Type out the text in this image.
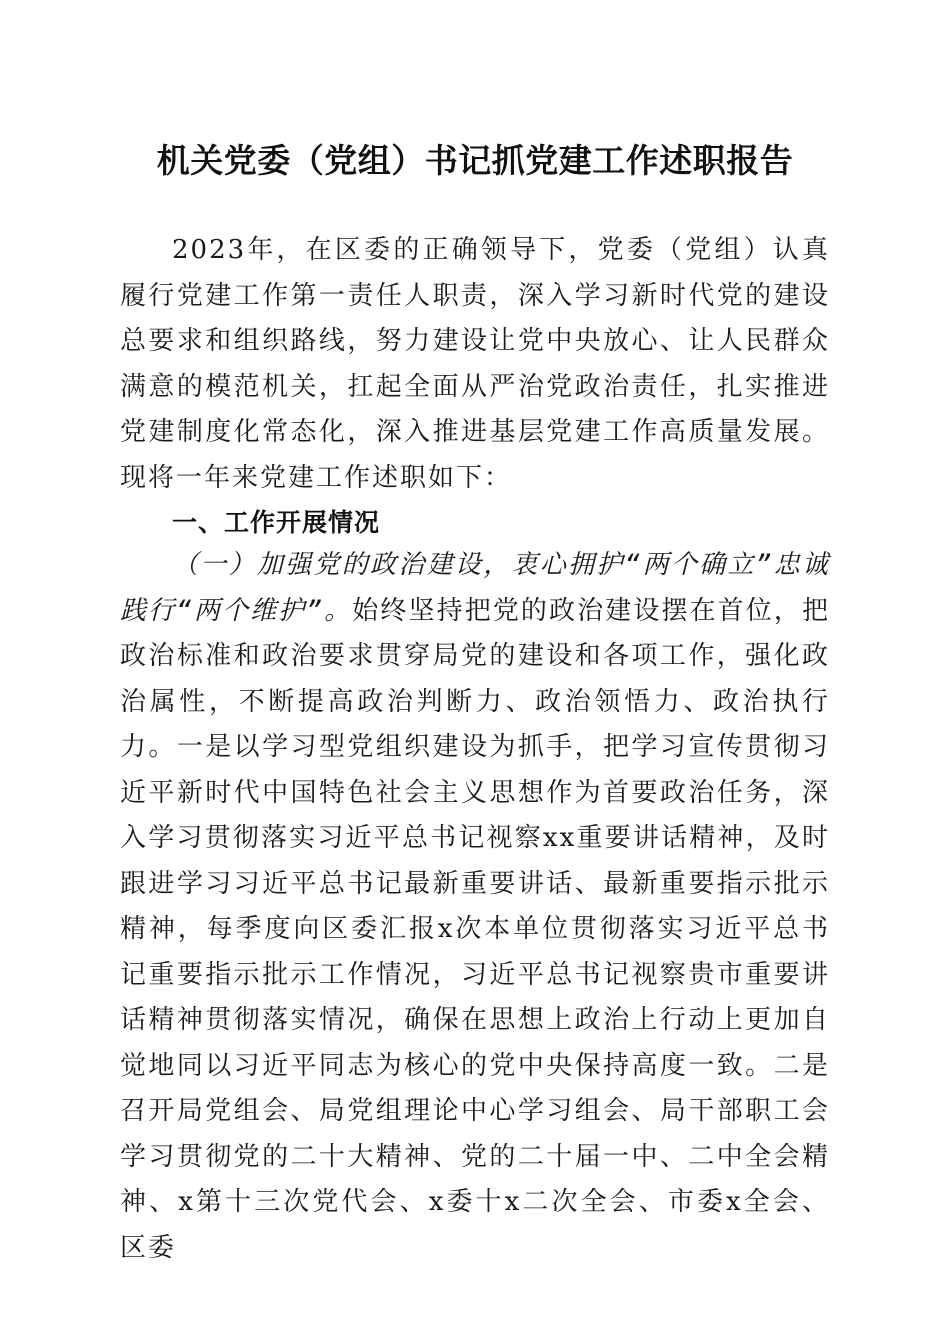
机关党委（党组）书记抓党建工作述职报告

2023年，在区委的正确领导下，党委（党组）认真履行党建工作第一责任人职责，深入学习新时代党的建设总要求和组织路线，努力建设让党中央放心、让人民群众满意的模范机关，扛起全面从严治党政治责任，扎实推进党建制度化常态化，深入推进基层党建工作高质量发展。现将一年来党建工作述职如下：

一、工作开展情况

（一）加强党的政治建设，衷心拥护“两个确立”忠诚践行“两个维护”。始终坚持把党的政治建设摆在首位，把政治标准和政治要求贯穿局党的建设和各项工作，强化政治属性，不断提高政治判断力、政治领悟力、政治执行力。一是以学习型党组织建设为抓手，把学习宣传贯彻习近平新时代中国特色社会主义思想作为首要政治任务，深入学习贯彻落实习近平总书记视察xx重要讲话精神，及时跟进学习习近平总书记最新重要讲话、最新重要指示批示精神，每季度向区委汇报x次本单位贯彻落实习近平总书记重要指示批示工作情况，习近平总书记视察贵市重要讲话精神贯彻落实情况，确保在思想上政治上行动上更加自觉地同以习近平同志为核心的党中央保持高度一致。二是召开局党组会、局党组理论中心学习组会、局干部职工会学习贯彻党的二十大精神、党的二十届一中、二中全会精神、x第十三次党代会、x委十x二次全会、市委x全会、区委
